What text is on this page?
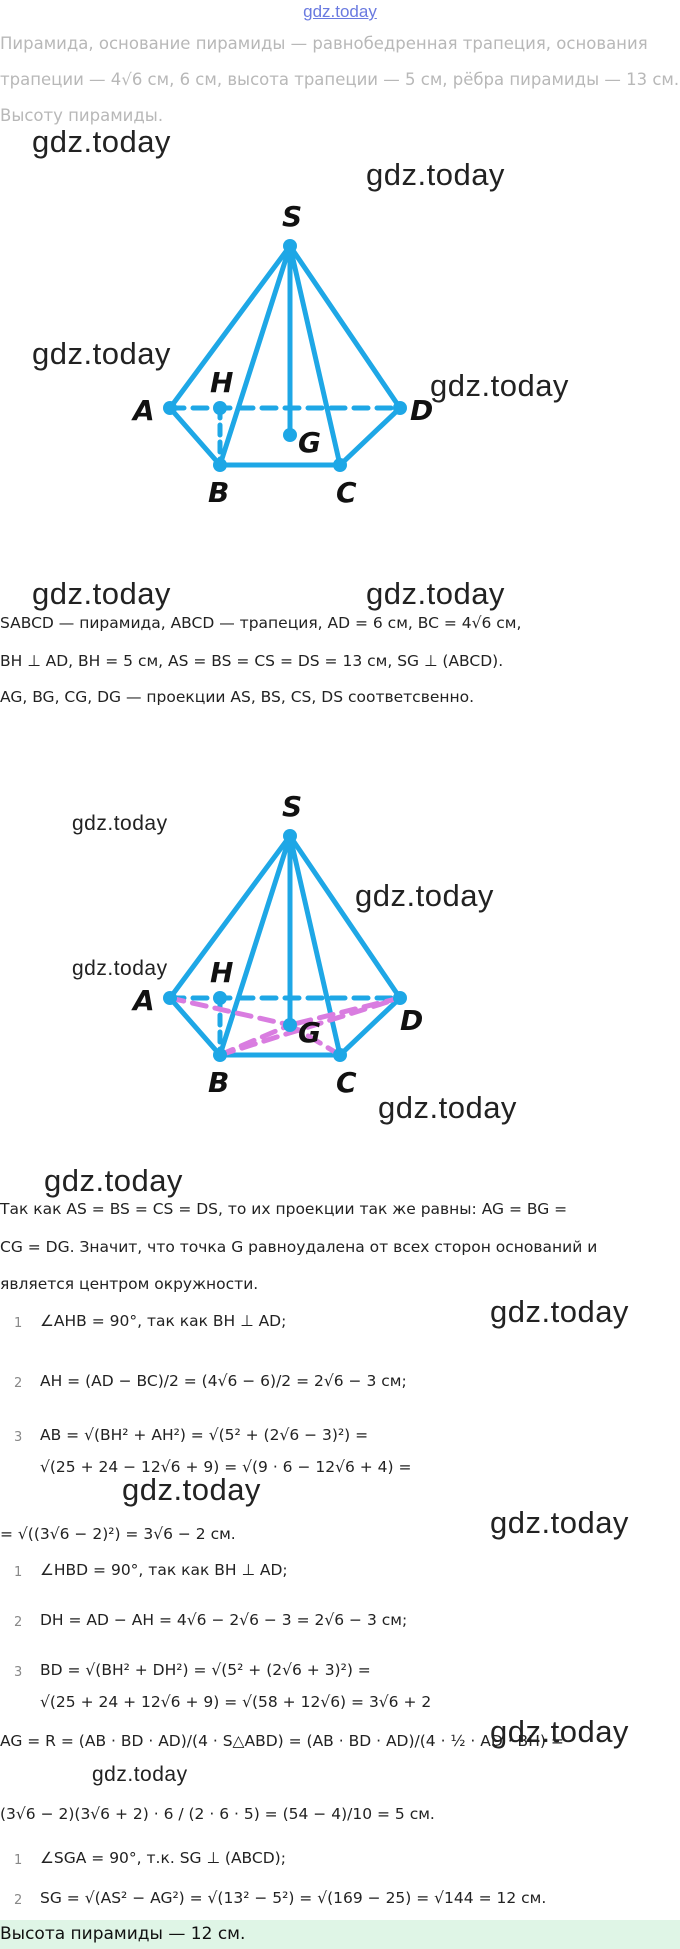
gdz.today
Пирамида, основание пирамиды — равнобедренная трапеция, основания трапеции — 4√6 см, 6 см, высота трапеции — 5 см, рёбра пирамиды — 13 см. Высоту пирамиды.
gdz.today
gdz.today
gdz.today
gdz.today
gdz.today	gdz.today
gdz.today
gdz.today
gdz.today
gdz.today
gdz.today
gdz.today
gdz.today
gdz.today
gdz.today
gdz.today
S
A
B	C
D
H
G
SABCD — пирамида, ABCD — трапеция, AD = 6 см, BC = 4√6 см,
BH ⊥ AD, BH = 5 см, AS = BS = CS = DS = 13 см, SG ⊥ (ABCD).
AG, BG, CG, DG — проекции AS, BS, CS, DS соответсвенно.
S
A
B	C
D
H
G
Так как AS = BS = CS = DS, то их проекции так же равны: AG = BG =
CG = DG. Значит, что точка G равноудалена от всех сторон оснований и
является центром окружности.
1 ∠AHB = 90°, так как BH ⊥ AD;
2 AH = (AD − BC)/2 = (4√6 − 6)/2 = 2√6 − 3 см;
3 AB = √(BH² + AH²) = √(5² + (2√6 − 3)²) =
√(25 + 24 − 12√6 + 9) = √(9 · 6 − 12√6 + 4) =
= √((3√6 − 2)²) = 3√6 − 2 см.
1 ∠HBD = 90°, так как BH ⊥ AD;
2 DH = AD − AH = 4√6 − 2√6 − 3 = 2√6 − 3 см;
3 BD = √(BH² + DH²) = √(5² + (2√6 + 3)²) =
√(25 + 24 + 12√6 + 9) = √(58 + 12√6) = 3√6 + 2
AG = R = (AB · BD · AD)/(4 · S△ABD) = (AB · BD · AD)/(4 · ½ · AD · BH) =
(3√6 − 2)(3√6 + 2) · 6 / (2 · 6 · 5) = (54 − 4)/10 = 5 см.
1 ∠SGA = 90°, т.к. SG ⊥ (ABCD);
2 SG = √(AS² − AG²) = √(13² − 5²) = √(169 − 25) = √144 = 12 см.
Высота пирамиды — 12 см.
